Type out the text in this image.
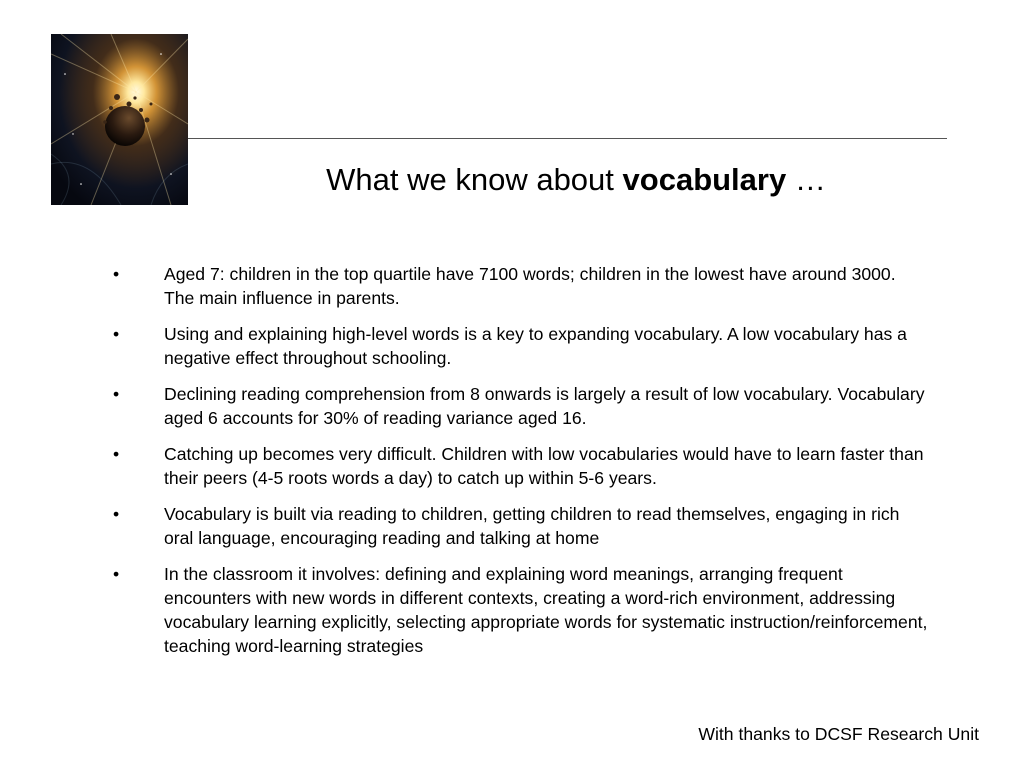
What we know about vocabulary …
•	Aged 7: children in the top quartile have 7100 words; children in the lowest have around 3000. The main influence in parents.
•	Using and explaining high-level words is a key to expanding vocabulary. A low vocabulary has a negative effect throughout schooling.
•	Declining reading comprehension from 8 onwards is largely a result of low vocabulary. Vocabulary aged 6 accounts for 30% of reading variance aged 16.
•	Catching up becomes very difficult. Children with low vocabularies would have to learn faster than their peers (4-5 roots words a day) to catch up within 5-6 years.
•	Vocabulary is built via reading to children, getting children to read themselves, engaging in rich oral language, encouraging reading and talking at home
•	In the classroom it involves: defining and explaining word meanings, arranging frequent encounters with new words in different contexts, creating a word-rich environment, addressing vocabulary learning explicitly, selecting appropriate words for systematic instruction/reinforcement, teaching word-learning strategies
With thanks to DCSF Research Unit
